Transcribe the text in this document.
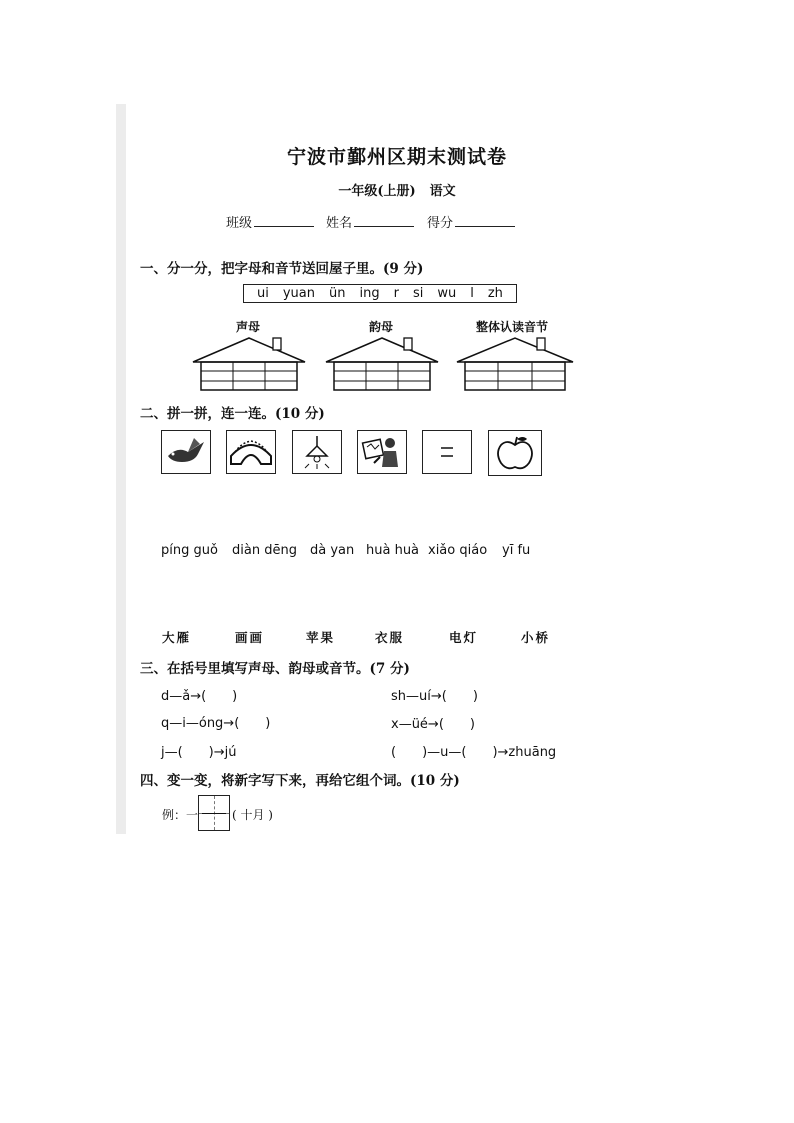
宁波市鄞州区期末测试卷
一年级(上册) 语文
班级	姓名	得分
一、分一分，把字母和音节送回屋子里。(9 分)
ui yuan ün ing r si wu l zh
声母	韵母	整体认读音节
二、拼一拼，连一连。(10 分)
píng guǒ diàn dēng dà yan huà huà xiǎo qiáo yī fu
大雁	画画	苹果	衣服	电灯	小桥
三、在括号里填写声母、韵母或音节。(7 分)
d—ǎ→(　　)	sh—uí→(　　)
q—i—óng→(　　)	x—üé→(　　)
j—(　　)→jú	(　　)—u—(　　)→zhuāng
四、变一变，将新字写下来，再给它组个词。(10 分)
例：一	( 十月 )
